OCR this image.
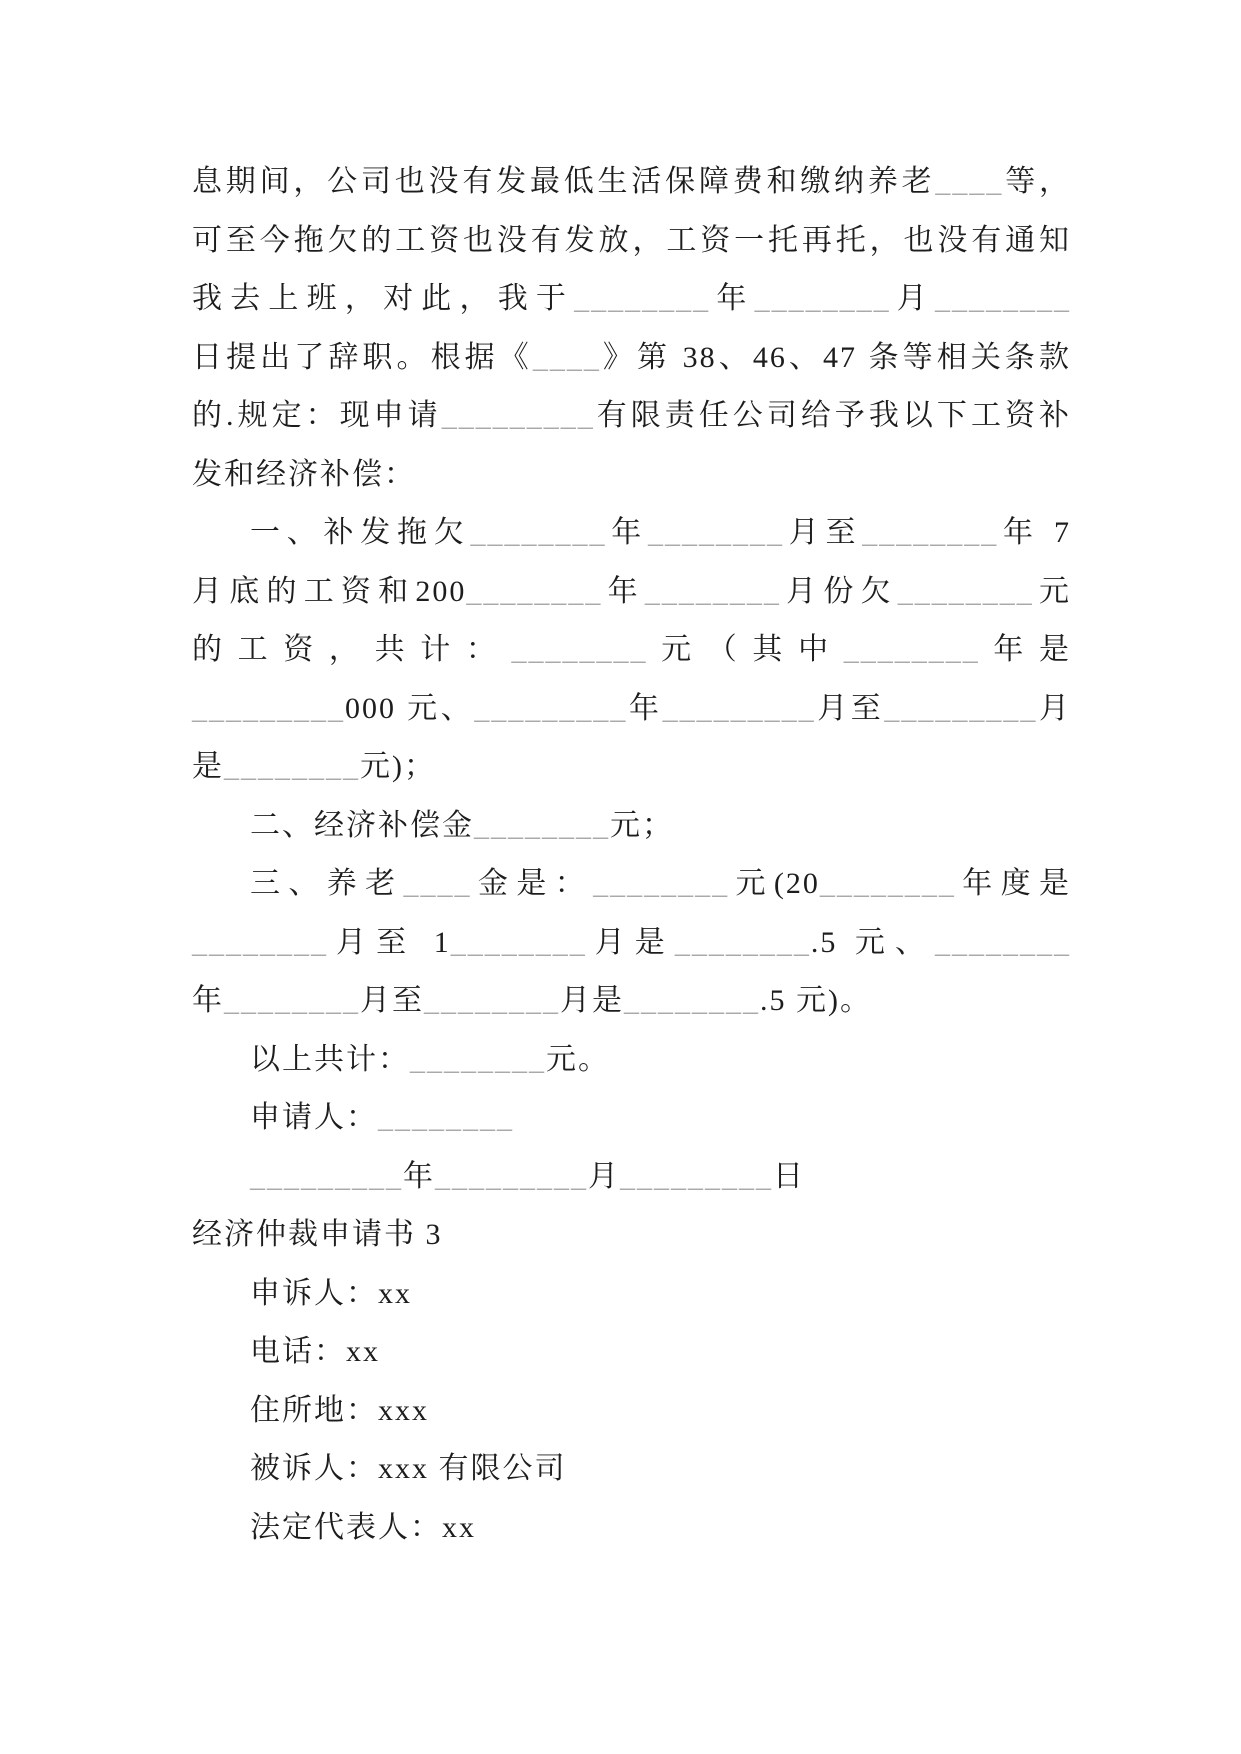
息期间，公司也没有发最低生活保障费和缴纳养老____等，
可至今拖欠的工资也没有发放，工资一托再托，也没有通知
我去上班，对此，我于________年________月________
日提出了辞职。根据《____》第 38、46、47 条等相关条款
的.规定：现申请_________有限责任公司给予我以下工资补
发和经济补偿：
一、补发拖欠________年________月至________年 7
月底的工资和200________年________月份欠________元
的工资，共计：________元（其中________年是
_________000 元、_________年_________月至_________月
是________元)；
二、经济补偿金________元；
三、养老____金是：________元(20________年度是
________月至 1________月是________.5 元、________
年________月至________月是________.5 元)。
以上共计：________元。
申请人：________
_________年_________月_________日
经济仲裁申请书 3
申诉人：xx
电话：xx
住所地：xxx
被诉人：xxx 有限公司
法定代表人：xx
